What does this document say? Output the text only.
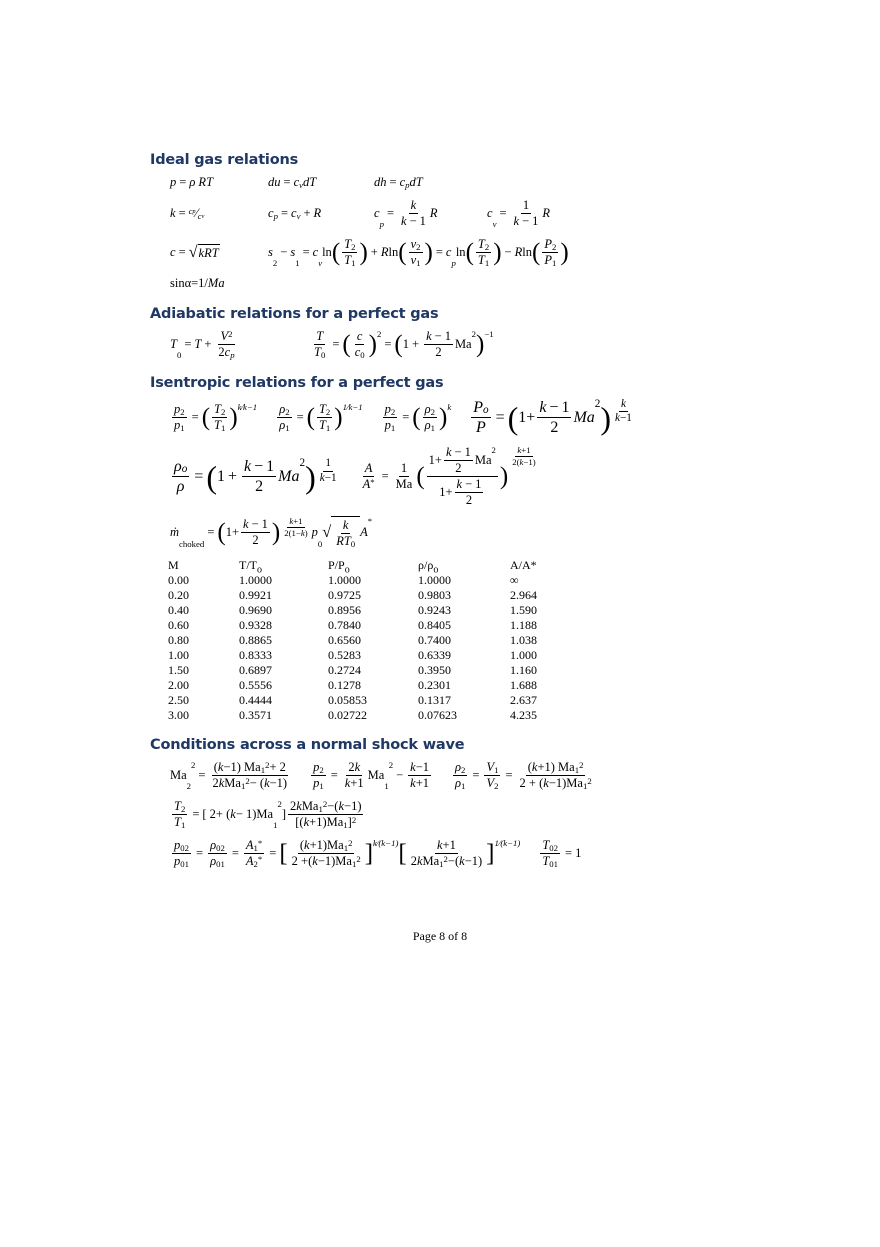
Ideal gas relations
p = ρ RT	du = c v dT	dh = c p dT
k = c p ⁄ c v	c p = c v + R	c
p
= $\frac{k}{k - 1}$ R	c
v
= $\frac{1}{k - 1}$ R
c = √ kRT	s
2
− s
1
= c
v
ln ( $\frac{T 2}{T 1}$ ) + R ln ( $\frac{v 2}{v 1}$ ) = c
p
ln ( $\frac{T 2}{T 1}$ ) − R ln ( $\frac{P 2}{P 1}$ )
sinα=1/ Ma
Adiabatic relations for a perfect gas
T
0
= $T + \frac{V 2}{\text{2 c p}}$	$\frac{T}{T 0}$ = ( $\frac{c}{c 0}$ ) 2
= ( $1 + \frac{k - 1}{2}$ Ma
2 ) −1
Isentropic relations for a perfect gas
$\frac{p 2}{p 1}$ = ( $\frac{T 2}{T 1}$ ) k⁄k−1 $\frac{\rho 2}{\rho 1}$ = ( $\frac{T 2}{T 1}$ ) 1⁄k−1 $\frac{p 2}{p 1}$ = ( $\frac{\rho 2}{\rho 1}$ ) k $\frac{\text{P o}}{P}$ = ( $1+ \frac{k - 1}{2}$ Ma
2 ) $\frac{k}{k -1}$
$\frac{\text{ρ o}}{\rho}$ = ( $1 + \frac{k - 1}{2}$ Ma
2 ) $\frac{1}{k -1} \frac{A}{A *} = \frac{1}{Ma}$ ( $1+ \frac{k - 1}{2}$ Ma
2
$1+ \frac{k - 1}{2}$ )
$\frac{k +1}{2( k -1)}$
ṁ
choked
= ( $1+ \frac{k - 1}{2}$ ) $\frac{k +1}{2(1- k )}$ p
0
√ $\frac{k}{RT 0}$ A
*
M	$T/T_o$	$P/P_o$	$\rho/\rho_o$	A/A*
0.00	1.0000	1.0000	1.0000	∞
0.20	0.9921	0.9725	0.9803	2.964
0.40	0.9690	0.8956	0.9243	1.590
0.60	0.9328	0.7840	0.8405	1.188
0.80	0.8865	0.6560	0.7400	1.038
1.00	0.8333	0.5283	0.6339	1.000
1.50	0.6897	0.2724	0.3950	1.160
2.00	0.5556	0.1278	0.2301	1.688
2.50	0.4444	0.05853	0.1317	2.637
3.00	0.3571	0.02722	0.07623	4.235
Conditions across a normal shock wave
Ma
2
2
=
( k −1) Ma 1 2 + 2
2 k Ma 1 2 − ( $k -1) \frac{p 2}{p 1} = \frac{2 k}{k +1}$ Ma
1
2
− $\frac{k -1}{k +1} \frac{\rho 2}{\rho 1} = \frac{V 1}{V 2} = \frac{( k +1) Ma 1 2}{2 + ( k -1)Ma 1 2}$
$\frac{T 2}{T 1}$ = [ 2+ ( k − 1)Ma
1
2
]
2 k Ma 1 2 −( k −1)
[( k +1)Ma 1 ] 2
$\frac{p 02}{p 01} = \frac{\rho 02}{\rho 01} = \frac{A 1 *}{A 2 *}$ = [ $\frac{( k +1)Ma 1 2}{2 +( k -1)Ma 1 2}$ ] k⁄(k−1) [ k +1
2 k Ma 1 2 −( k −1) ] 1⁄(k−1) $\frac{T 02}{T 01} = 1$
Page 8 of 8
